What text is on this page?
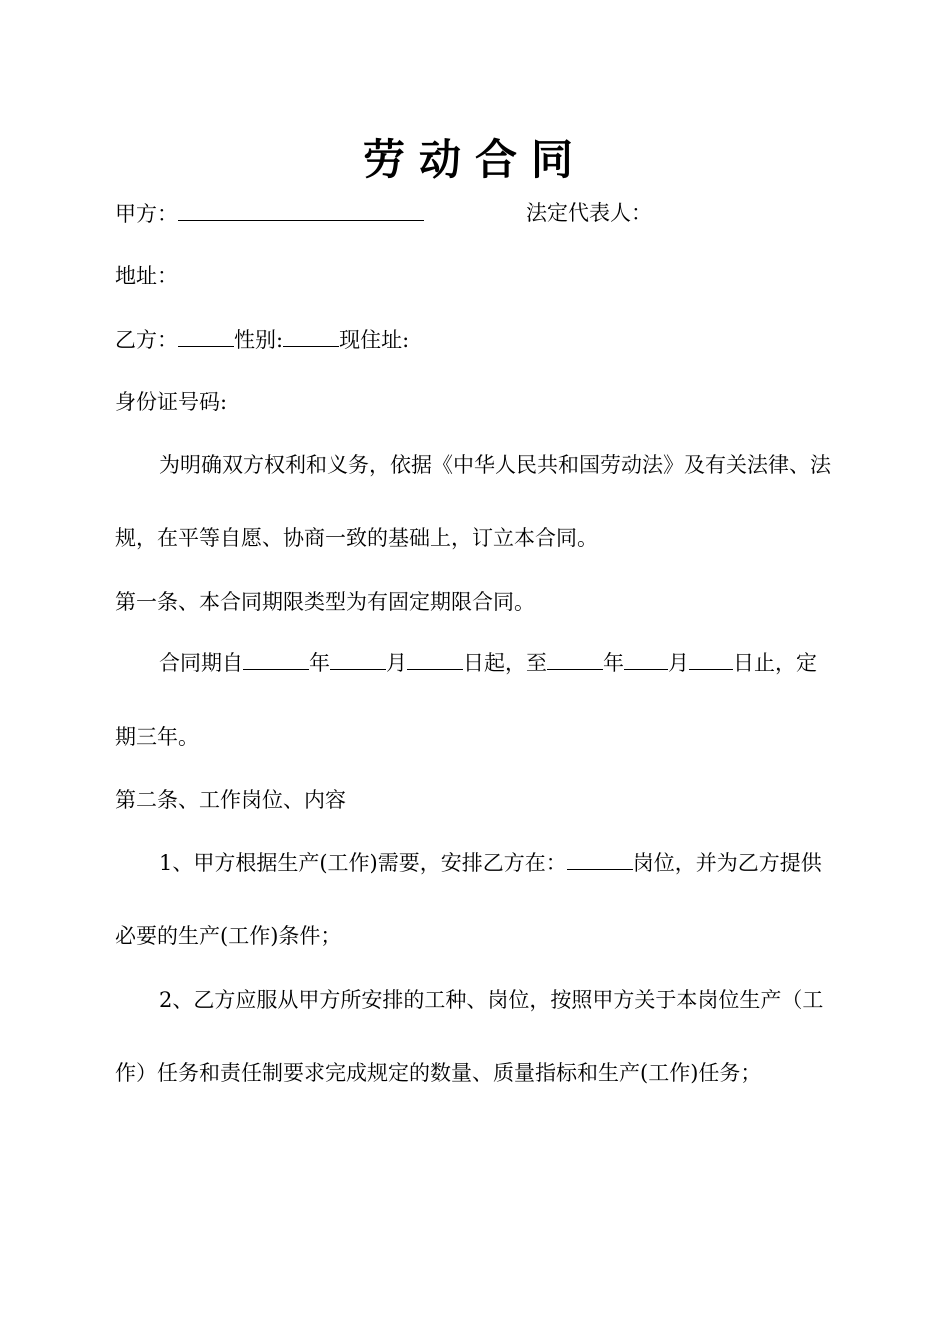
劳动合同
甲方：	法定代表人：
地址：
乙方：	性别:	现住址:
身份证号码:
为明确双方权利和义务，依据《中华人民共和国劳动法》及有关法律、法
规，在平等自愿、协商一致的基础上，订立本合同。
第一条、本合同期限类型为有固定期限合同。
合同期自	年	月	日起，至	年 月 日止，定
期三年。
第二条、工作岗位、内容
1、甲方根据生产(工作)需要，安排乙方在：	岗位，并为乙方提供
必要的生产(工作)条件；
2、乙方应服从甲方所安排的工种、岗位，按照甲方关于本岗位生产（工
作）任务和责任制要求完成规定的数量、质量指标和生产(工作)任务；
